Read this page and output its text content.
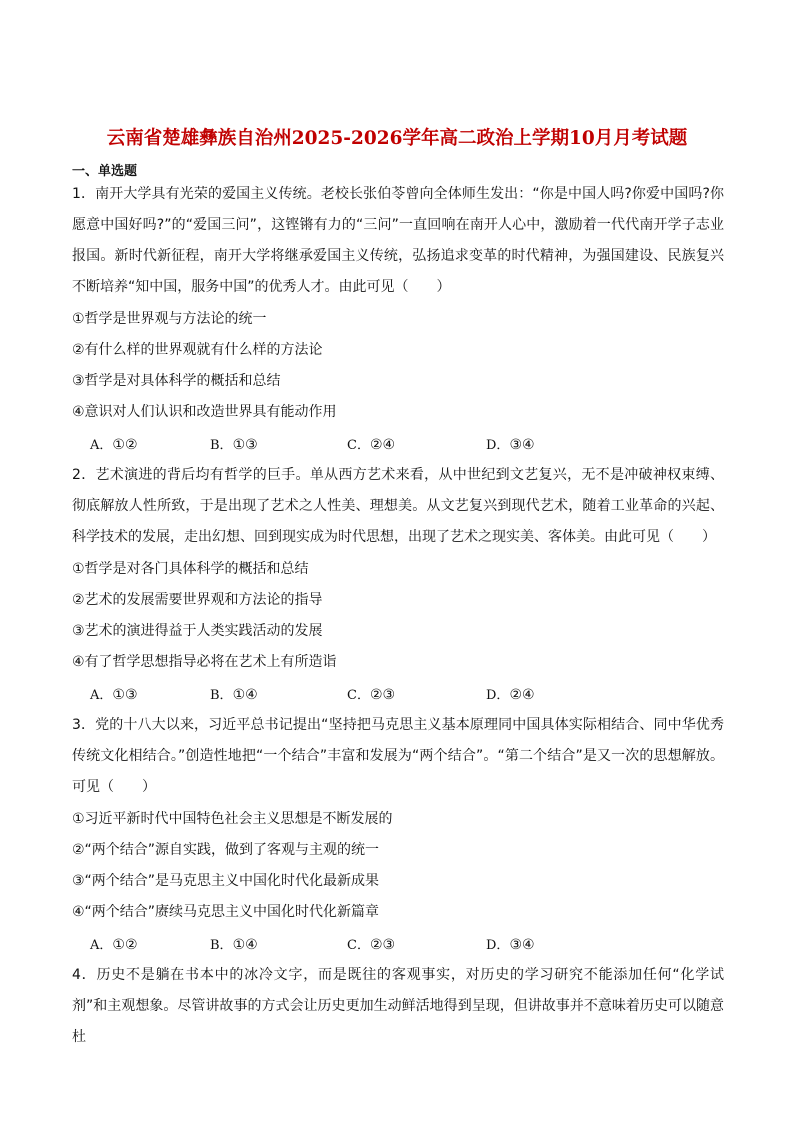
云南省楚雄彝族自治州2025-2026学年高二政治上学期10月月考试题
一、单选题
1．南开大学具有光荣的爱国主义传统。老校长张伯苓曾向全体师生发出：“你是中国人吗?你爱中国吗?你愿意中国好吗?”的“爱国三问”，这铿锵有力的“三问”一直回响在南开人心中，激励着一代代南开学子志业报国。新时代新征程，南开大学将继承爱国主义传统，弘扬追求变革的时代精神，为强国建设、民族复兴不断培养“知中国，服务中国”的优秀人才。由此可见（　　）
①哲学是世界观与方法论的统一
②有什么样的世界观就有什么样的方法论
③哲学是对具体科学的概括和总结
④意识对人们认识和改造世界具有能动作用
A．①②	B．①③	C．②④	D．③④
2．艺术演进的背后均有哲学的巨手。单从西方艺术来看，从中世纪到文艺复兴，无不是冲破神权束缚、彻底解放人性所致，于是出现了艺术之人性美、理想美。从文艺复兴到现代艺术，随着工业革命的兴起、科学技术的发展，走出幻想、回到现实成为时代思想，出现了艺术之现实美、客体美。由此可见（　　）
①哲学是对各门具体科学的概括和总结
②艺术的发展需要世界观和方法论的指导
③艺术的演进得益于人类实践活动的发展
④有了哲学思想指导必将在艺术上有所造诣
A．①③	B．①④	C．②③	D．②④
3．党的十八大以来，习近平总书记提出“坚持把马克思主义基本原理同中国具体实际相结合、同中华优秀传统文化相结合。”创造性地把“一个结合”丰富和发展为“两个结合”。“第二个结合”是又一次的思想解放。可见（　　）
①习近平新时代中国特色社会主义思想是不断发展的
②“两个结合”源自实践，做到了客观与主观的统一
③“两个结合”是马克思主义中国化时代化最新成果
④“两个结合”赓续马克思主义中国化时代化新篇章
A．①②	B．①④	C．②③	D．③④
4．历史不是躺在书本中的冰冷文字，而是既往的客观事实，对历史的学习研究不能添加任何“化学试剂”和主观想象。尽管讲故事的方式会让历史更加生动鲜活地得到呈现，但讲故事并不意味着历史可以随意杜
